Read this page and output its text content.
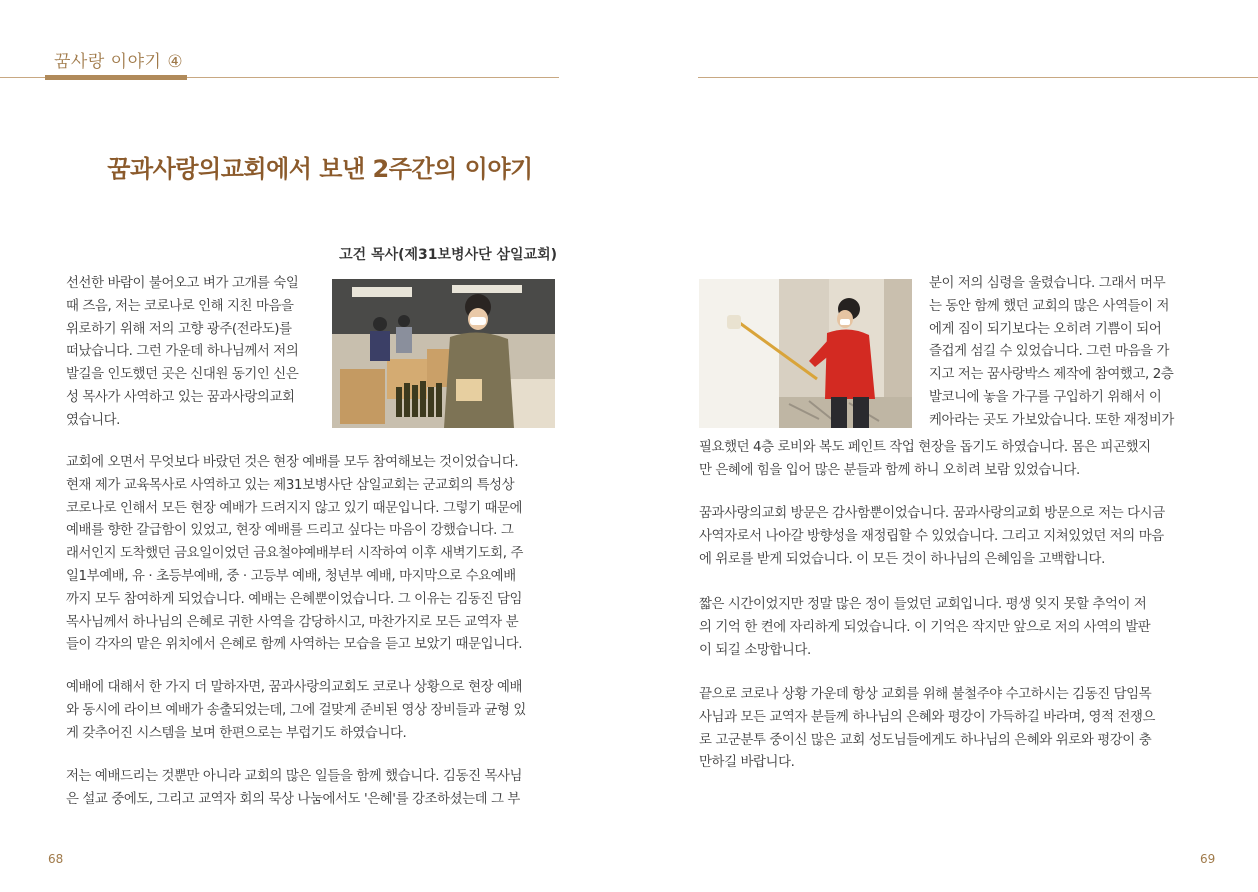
꿈사랑 이야기 ④
꿈과사랑의교회에서 보낸 2주간의 이야기
고건 목사(제31보병사단 삼일교회)

선선한 바람이 불어오고 벼가 고개를 숙일

때 즈음, 저는 코로나로 인해 지친 마음을

위로하기 위해 저의 고향 광주(전라도)를

떠났습니다. 그런 가운데 하나님께서 저의

발길을 인도했던 곳은 신대원 동기인 신은

성 목사가 사역하고 있는 꿈과사랑의교회

였습니다.

교회에 오면서 무엇보다 바랐던 것은 현장 예배를 모두 참여해보는 것이었습니다.

현재 제가 교육목사로 사역하고 있는 제31보병사단 삼일교회는 군교회의 특성상

코로나로 인해서 모든 현장 예배가 드려지지 않고 있기 때문입니다. 그렇기 때문에

예배를 향한 갈급함이 있었고, 현장 예배를 드리고 싶다는 마음이 강했습니다. 그

래서인지 도착했던 금요일이었던 금요철야예배부터 시작하여 이후 새벽기도회, 주

일1부예배, 유 · 초등부예배, 중 · 고등부 예배, 청년부 예배, 마지막으로 수요예배

까지 모두 참여하게 되었습니다. 예배는 은혜뿐이었습니다. 그 이유는 김동진 담임

목사님께서 하나님의 은혜로 귀한 사역을 감당하시고, 마찬가지로 모든 교역자 분

들이 각자의 맡은 위치에서 은혜로 함께 사역하는 모습을 듣고 보았기 때문입니다.

예배에 대해서 한 가지 더 말하자면, 꿈과사랑의교회도 코로나 상황으로 현장 예배

와 동시에 라이브 예배가 송출되었는데, 그에 걸맞게 준비된 영상 장비들과 균형 있

게 갖추어진 시스템을 보며 한편으로는 부럽기도 하였습니다.

저는 예배드리는 것뿐만 아니라 교회의 많은 일들을 함께 했습니다. 김동진 목사님

은 설교 중에도, 그리고 교역자 회의 묵상 나눔에서도 '은혜'를 강조하셨는데 그 부

68

분이 저의 심령을 울렸습니다. 그래서 머무

는 동안 함께 했던 교회의 많은 사역들이 저

에게 짐이 되기보다는 오히려 기쁨이 되어

즐겁게 섬길 수 있었습니다. 그런 마음을 가

지고 저는 꿈사랑박스 제작에 참여했고, 2층

발코니에 놓을 가구를 구입하기 위해서 이

케아라는 곳도 가보았습니다. 또한 재정비가

필요했던 4층 로비와 복도 페인트 작업 현장을 돕기도 하였습니다. 몸은 피곤했지

만 은혜에 힘을 입어 많은 분들과 함께 하니 오히려 보람 있었습니다.

꿈과사랑의교회 방문은 감사함뿐이었습니다. 꿈과사랑의교회 방문으로 저는 다시금

사역자로서 나아갈 방향성을 재정립할 수 있었습니다. 그리고 지쳐있었던 저의 마음

에 위로를 받게 되었습니다. 이 모든 것이 하나님의 은혜임을 고백합니다.

짧은 시간이었지만 정말 많은 정이 들었던 교회입니다. 평생 잊지 못할 추억이 저

의 기억 한 켠에 자리하게 되었습니다. 이 기억은 작지만 앞으로 저의 사역의 발판

이 되길 소망합니다.

끝으로 코로나 상황 가운데 항상 교회를 위해 불철주야 수고하시는 김동진 담임목

사님과 모든 교역자 분들께 하나님의 은혜와 평강이 가득하길 바라며, 영적 전쟁으

로 고군분투 중이신 많은 교회 성도님들에게도 하나님의 은혜와 위로와 평강이 충

만하길 바랍니다.

69
